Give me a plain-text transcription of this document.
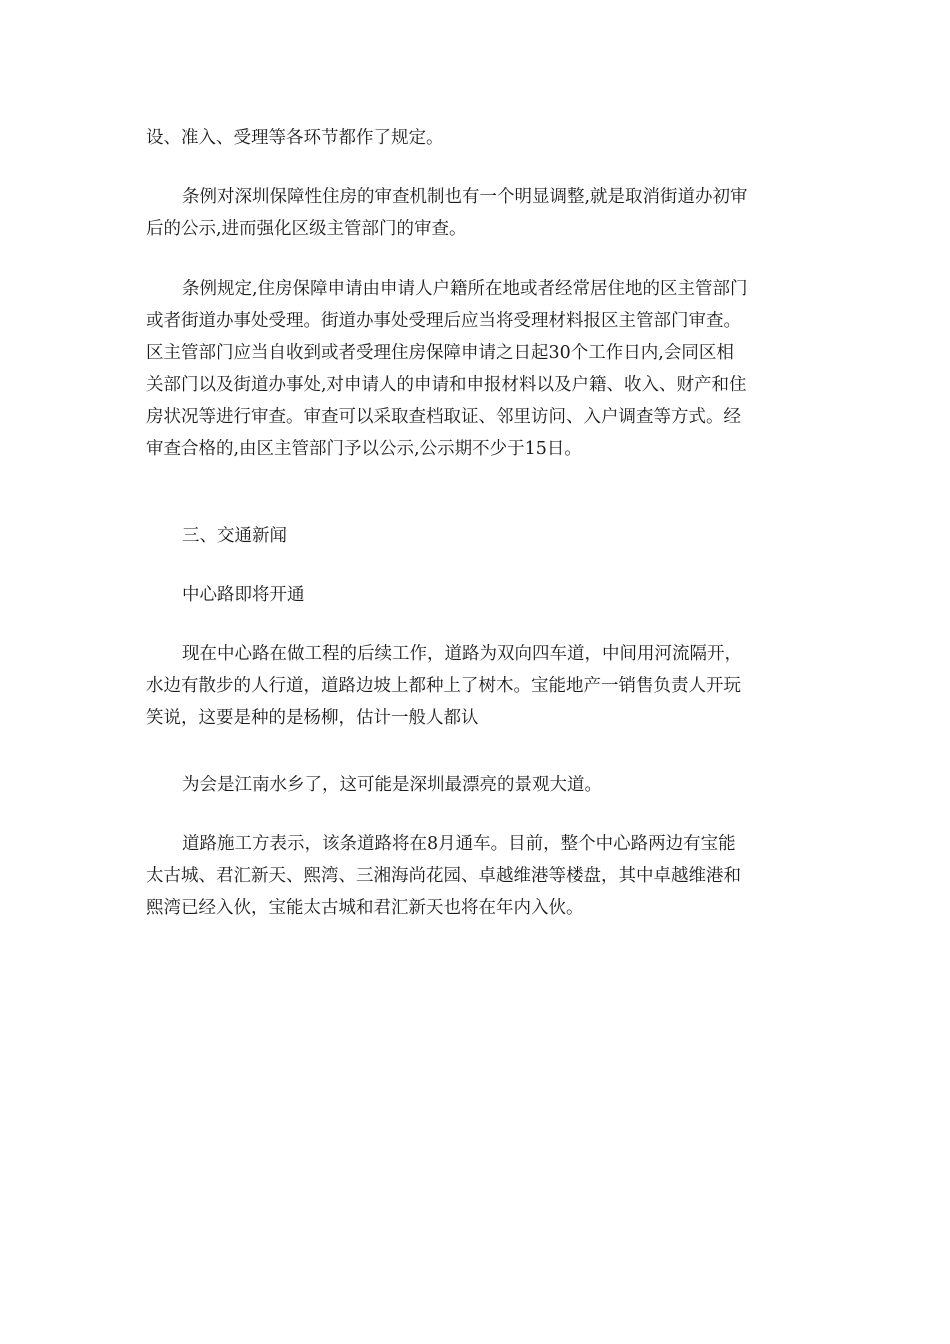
设、准入、受理等各环节都作了规定。
条例对深圳保障性住房的审查机制也有一个明显调整,就是取消街道办初审
后的公示,进而强化区级主管部门的审查。
条例规定,住房保障申请由申请人户籍所在地或者经常居住地的区主管部门
或者街道办事处受理。街道办事处受理后应当将受理材料报区主管部门审查。
区主管部门应当自收到或者受理住房保障申请之日起30个工作日内,会同区相
关部门以及街道办事处,对申请人的申请和申报材料以及户籍、收入、财产和住
房状况等进行审查。审查可以采取查档取证、邻里访问、入户调查等方式。经
审查合格的,由区主管部门予以公示,公示期不少于15日。
三、交通新闻
中心路即将开通
现在中心路在做工程的后续工作，道路为双向四车道，中间用河流隔开，
水边有散步的人行道，道路边坡上都种上了树木。宝能地产一销售负责人开玩
笑说，这要是种的是杨柳，估计一般人都认
为会是江南水乡了，这可能是深圳最漂亮的景观大道。
道路施工方表示，该条道路将在8月通车。目前，整个中心路两边有宝能
太古城、君汇新天、熙湾、三湘海尚花园、卓越维港等楼盘，其中卓越维港和
熙湾已经入伙，宝能太古城和君汇新天也将在年内入伙。
